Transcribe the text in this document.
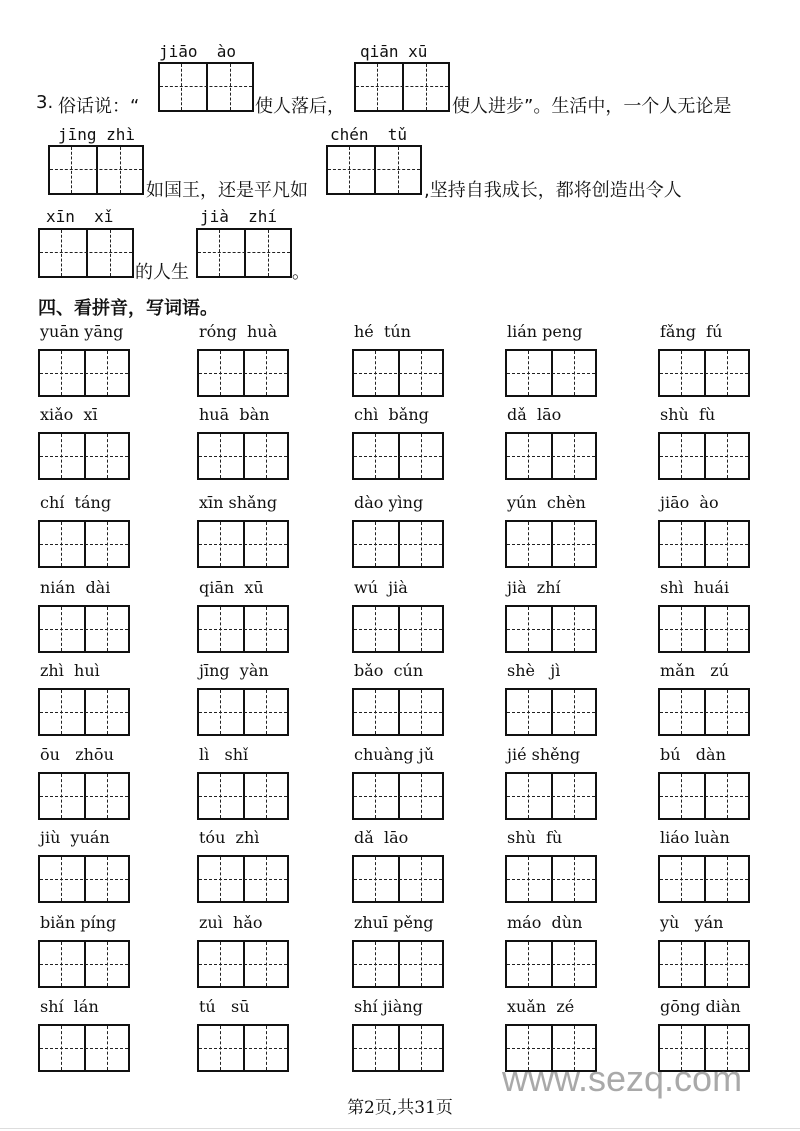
jiāo  ào	qiān xū
3. 俗话说：“	使人落后，	使人进步”。生活中，一个人无论是
jīng zhì	chén  tǔ
如国王，还是平凡如	,坚持自我成长，都将创造出令人
xīn  xǐ	jià  zhí
的人生	。
四、看拼音，写词语。
yuān yāng	róng  huà	hé  tún	lián peng	fǎng  fú
xiǎo  xī	huā  bàn	chì  bǎng	dǎ  lāo	shù  fù
chí  táng	xīn shǎng	dào yìng	yún  chèn	jiāo  ào
nián  dài	qiān  xū	wú  jià	jià  zhí	shì  huái
zhì  huì	jīng  yàn	bǎo  cún	shè   jì	mǎn   zú
ōu   zhōu	lì   shǐ	chuàng jǔ	jié shěng	bú   dàn
jiù  yuán	tóu  zhì	dǎ  lāo	shù  fù	liáo luàn
biǎn píng	zuì  hǎo	zhuī pěng	máo  dùn	yù   yán
shí  lán	tú   sū	shí jiàng	xuǎn  zé	gōng diàn
www.sezq.com
第2页,共31页
